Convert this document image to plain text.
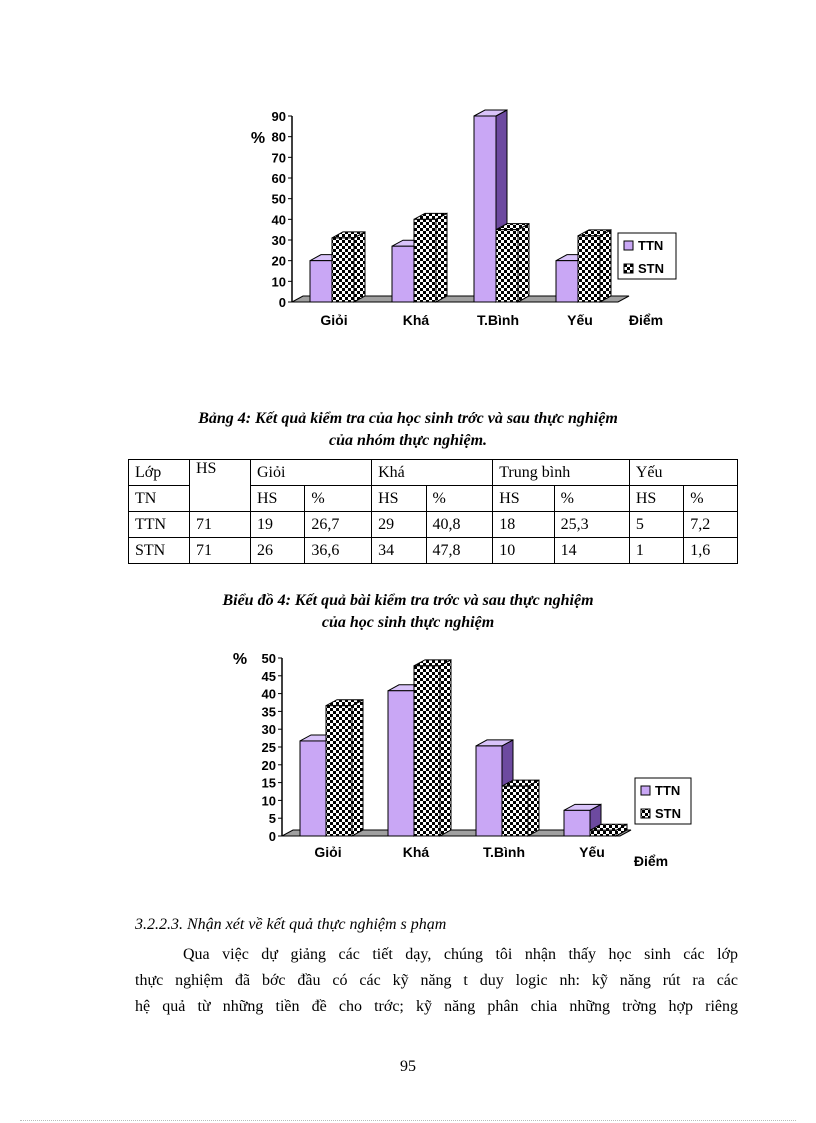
0
10
20
30
40
50
60
70
80
90
%
Giỏi	Khá	T.Bình	Yếu	Điểm
TTN
STN
Bảng 4: Kết quả kiểm tra của học sinh trớc và sau thực nghiệm
của nhóm thực nghiệm.
Lớp	HS	Giỏi		Khá		Trung bình		Yếu	
TN		HS	%	HS	%	HS	%	HS	%
TTN	71	19	26,7	29	40,8	18	25,3	5	7,2
STN	71	26	36,6	34	47,8	10	14	1	1,6
Biểu đồ 4: Kết quả bài kiểm tra trớc và sau thực nghiệm
của học sinh thực nghiệm
0
5
10
15
20
25
30
35
40
45
50
%
Giỏi	Khá	T.Bình	Yếu
Điểm
TTN
STN
3.2.2.3. Nhận xét về kết quả thực nghiệm s phạm

Qua việc dự giảng các tiết dạy, chúng tôi nhận thấy học sinh các lớp

thực nghiệm đã bớc đầu có các kỹ năng t duy logic nh: kỹ năng rút ra các

hệ quả từ những tiền đề cho trớc; kỹ năng phân chia những trờng hợp riêng

95
